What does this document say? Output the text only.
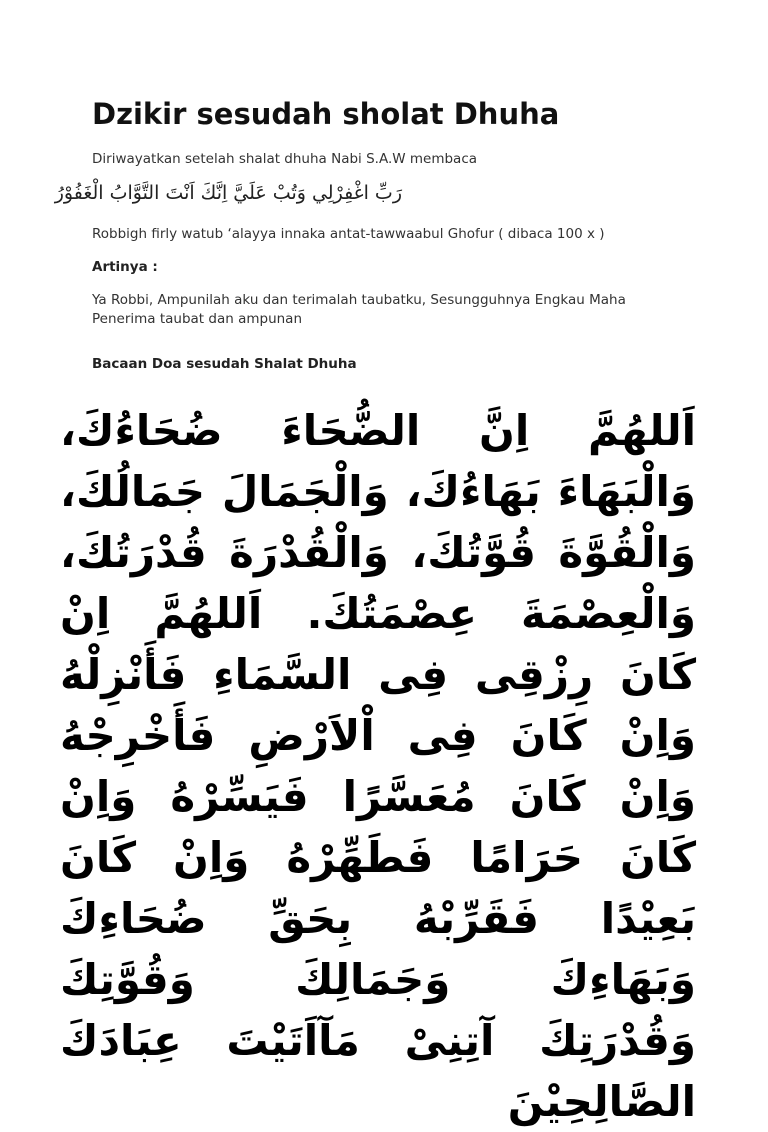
Dzikir sesudah sholat Dhuha

Diriwayatkan setelah shalat dhuha Nabi S.A.W membaca

رَبِّ اغْفِرْلِي وَتُبْ عَلَيَّ اِنَّكَ اَنْتَ التَّوَّابُ الْغَفُوْرُ

Robbigh firly watub ‘alayya innaka antat-tawwaabul Ghofur ( dibaca 100 x )

Artinya :

Ya Robbi, Ampunilah aku dan terimalah taubatku, Sesungguhnya Engkau Maha Penerima taubat dan ampunan

Bacaan Doa sesudah Shalat Dhuha
اَللهُمَّ اِنَّ الضُّحَاءَ ضُحَاءُكَ، وَالْبَهَاءَ بَهَاءُكَ، وَالْجَمَالَ جَمَالُكَ، وَالْقُوَّةَ قُوَّتُكَ، وَالْقُدْرَةَ قُدْرَتُكَ، وَالْعِصْمَةَ عِصْمَتُكَ. اَللهُمَّ اِنْ كَانَ رِزْقِى فِى السَّمَاءِ فَأَنْزِلْهُ وَاِنْ كَانَ فِى اْلاَرْضِ فَأَخْرِجْهُ وَاِنْ كَانَ مُعَسَّرًا فَيَسِّرْهُ وَاِنْ كَانَ حَرَامًا فَطَهِّرْهُ وَاِنْ كَانَ بَعِيْدًا فَقَرِّبْهُ بِحَقِّ ضُحَاءِكَ وَبَهَاءِكَ وَجَمَالِكَ وَقُوَّتِكَ وَقُدْرَتِكَ آتِنِىْ مَآاَتَيْتَ عِبَادَكَ الصَّالِحِيْنَ
